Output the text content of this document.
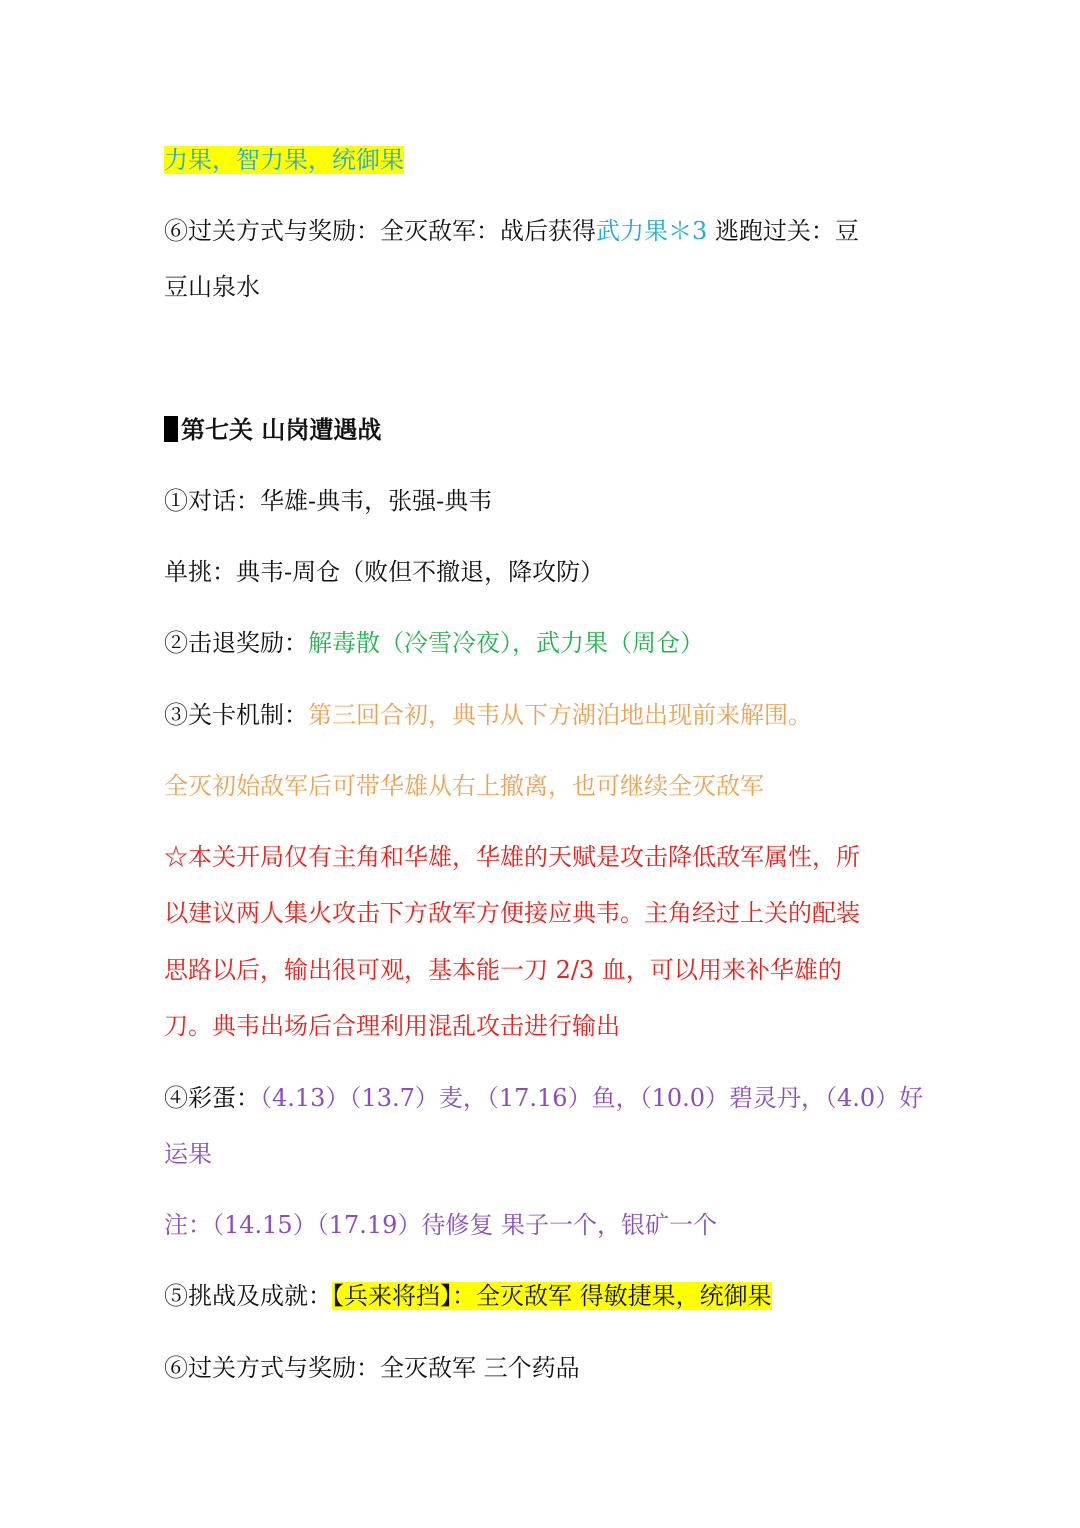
力果，智力果，统御果
⑥过关方式与奖励：全灭敌军：战后获得武力果＊3 逃跑过关：豆
豆山泉水
第七关 山岗遭遇战
①对话：华雄-典韦，张强-典韦
单挑：典韦-周仓（败但不撤退，降攻防）
②击退奖励：解毒散（冷雪冷夜），武力果（周仓）
③关卡机制：第三回合初，典韦从下方湖泊地出现前来解围。
全灭初始敌军后可带华雄从右上撤离，也可继续全灭敌军
☆本关开局仅有主角和华雄，华雄的天赋是攻击降低敌军属性，所
以建议两人集火攻击下方敌军方便接应典韦。主角经过上关的配装
思路以后，输出很可观，基本能一刀 2/3 血，可以用来补华雄的
刀。典韦出场后合理利用混乱攻击进行输出
④彩蛋：（4.13）（13.7）麦，（17.16）鱼，（10.0）碧灵丹，（4.0）好
运果
注：（14.15）（17.19）待修复 果子一个，银矿一个
⑤挑战及成就：【兵来将挡】：全灭敌军 得敏捷果，统御果
⑥过关方式与奖励：全灭敌军 三个药品
